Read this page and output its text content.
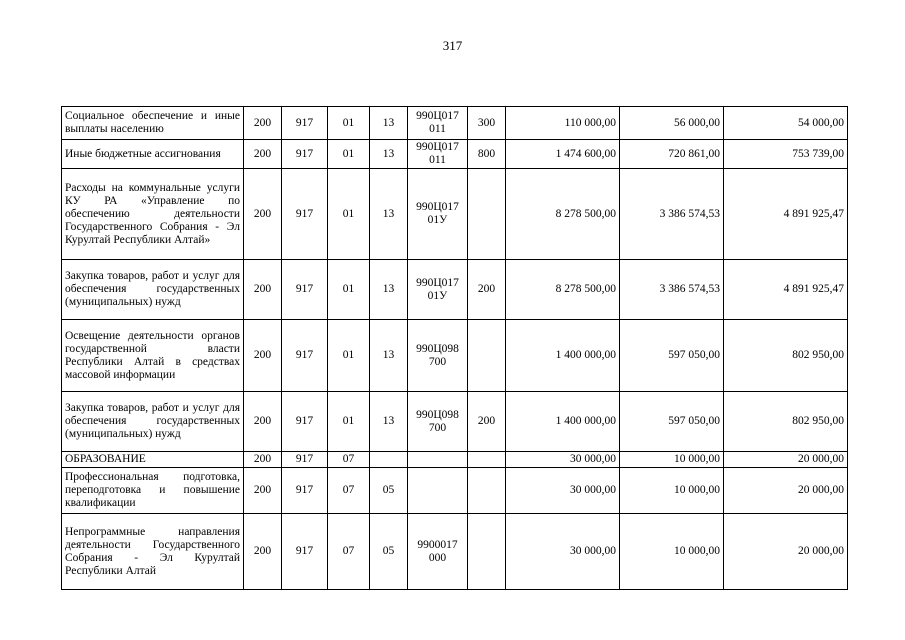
317
Социальное обеспечение и иные выплаты населению	200	917	01	13	990Ц017 011	300	110 000,00	56 000,00	54 000,00
Иные бюджетные ассигнования	200	917	01	13	990Ц017 011	800	1 474 600,00	720 861,00	753 739,00
Расходы на коммунальные услуги КУ РА «Управление по обеспечению деятельности Государственного Собрания - Эл Курултай Республики Алтай»	200	917	01	13	990Ц017 01У		8 278 500,00	3 386 574,53	4 891 925,47
Закупка товаров, работ и услуг для обеспечения государственных (муниципальных) нужд	200	917	01	13	990Ц017 01У	200	8 278 500,00	3 386 574,53	4 891 925,47
Освещение деятельности органов государственной власти Республики Алтай в средствах массовой информации	200	917	01	13	990Ц098 700		1 400 000,00	597 050,00	802 950,00
Закупка товаров, работ и услуг для обеспечения государственных (муниципальных) нужд	200	917	01	13	990Ц098 700	200	1 400 000,00	597 050,00	802 950,00
ОБРАЗОВАНИЕ	200	917	07				30 000,00	10 000,00	20 000,00
Профессиональная подготовка, переподготовка и повышение квалификации	200	917	07	05			30 000,00	10 000,00	20 000,00
Непрограммные направления деятельности Государственного Собрания - Эл Курултай Республики Алтай	200	917	07	05	9900017 000		30 000,00	10 000,00	20 000,00
